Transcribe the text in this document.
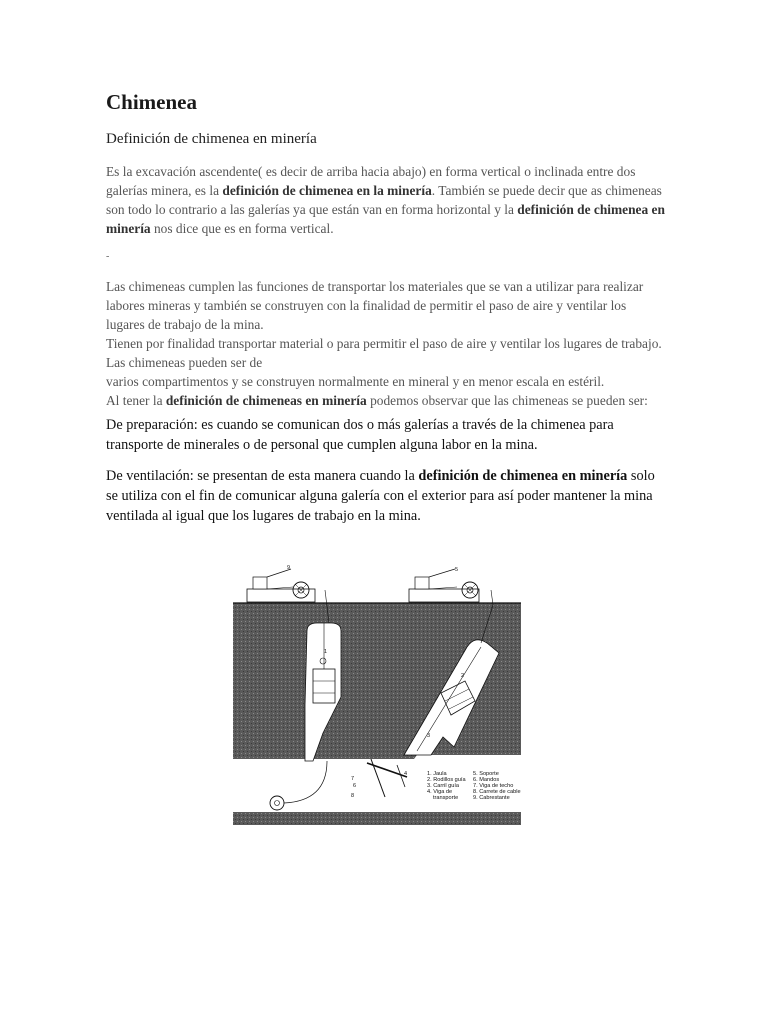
Chimenea

Definición de chimenea en minería

Es la excavación ascendente( es decir de arriba hacia abajo) en forma vertical o inclinada entre dos galerías minera, es la definición de chimenea en la minería. También se puede decir que as chimeneas son todo lo contrario a las galerías ya que están van en forma horizontal y la definición de chimenea en minería nos dice que es en forma vertical.

-

Las chimeneas cumplen las funciones de transportar los materiales que se van a utilizar para realizar labores mineras y también se construyen con la finalidad de permitir el paso de aire y ventilar los lugares de trabajo de la mina.
Tienen por finalidad transportar material o para permitir el paso de aire y ventilar los lugares de trabajo.
Las chimeneas pueden ser de
varios compartimentos y se construyen normalmente en mineral y en menor escala en estéril.
Al tener la definición de chimeneas en minería podemos observar que las chimeneas se pueden ser:

De preparación: es cuando se comunican dos o más galerías a través de la chimenea para transporte de minerales o de personal que cumplen alguna labor en la mina.

De ventilación: se presentan de esta manera cuando la definición de chimenea en minería solo se utiliza con el fin de comunicar alguna galería con el exterior para así poder mantener la mina ventilada al igual que los lugares de trabajo en la mina.

9	5
7
4
1
2
3
6
8
1. Jaula
2. Rodillos guía
3. Carril guía
4. Viga de
transporte
5. Soporte
6. Mandos
7. Viga de techo
8. Carrete de cable
9. Cabrestante
